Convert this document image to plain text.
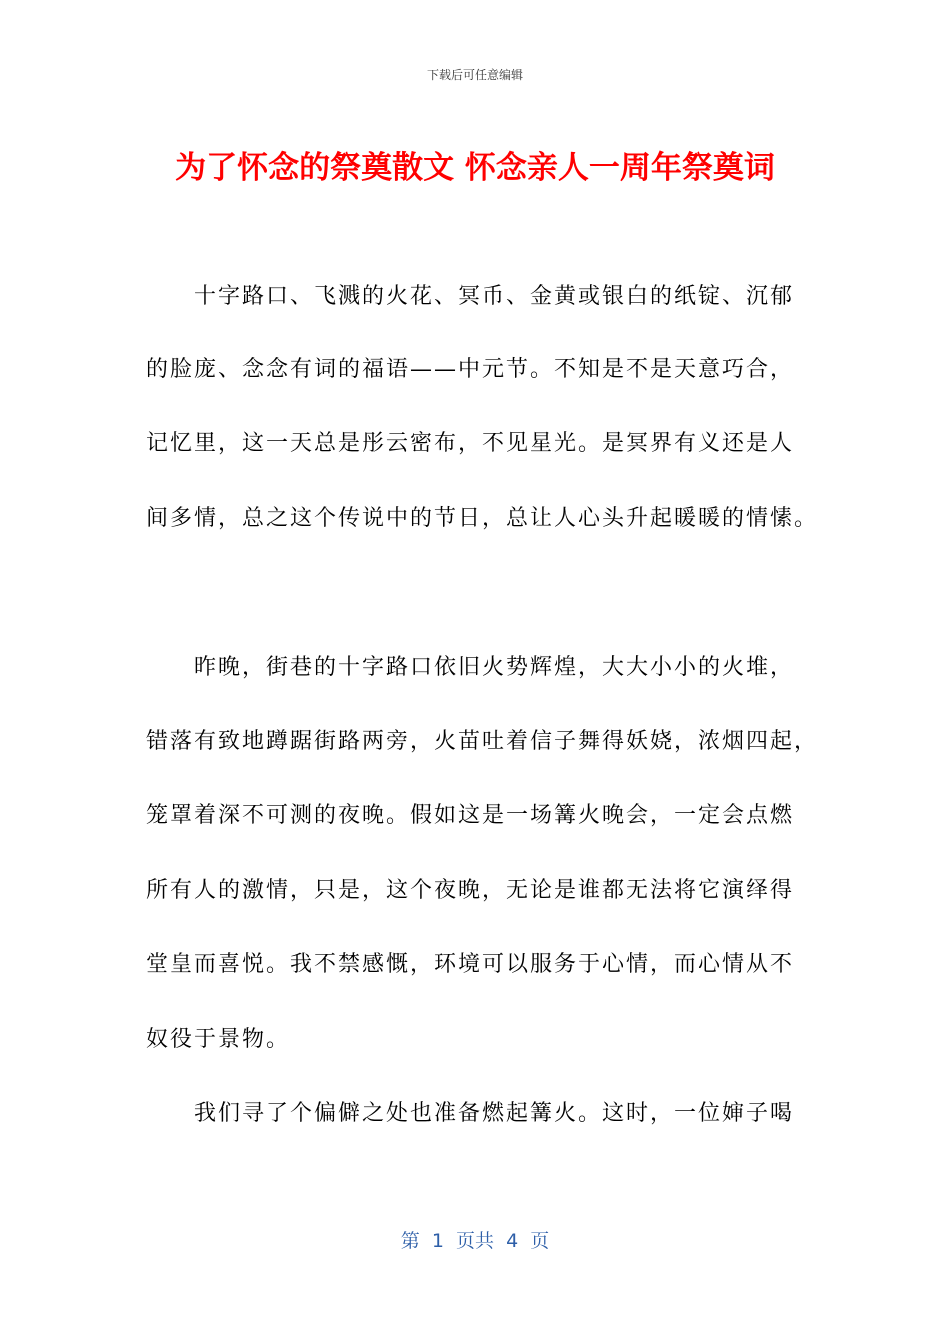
下载后可任意编辑
为了怀念的祭奠散文 怀念亲人一周年祭奠词
十字路口、飞溅的火花、冥币、金黄或银白的纸锭、沉郁
的脸庞、念念有词的福语——中元节。不知是不是天意巧合，
记忆里，这一天总是彤云密布，不见星光。是冥界有义还是人
间多情，总之这个传说中的节日，总让人心头升起暖暖的情愫。
昨晚，街巷的十字路口依旧火势辉煌，大大小小的火堆，
错落有致地蹲踞街路两旁，火苗吐着信子舞得妖娆，浓烟四起，
笼罩着深不可测的夜晚。假如这是一场篝火晚会，一定会点燃
所有人的激情，只是，这个夜晚，无论是谁都无法将它演绎得
堂皇而喜悦。我不禁感慨，环境可以服务于心情，而心情从不
奴役于景物。
我们寻了个偏僻之处也准备燃起篝火。这时，一位婶子喝
第  1  页共  4  页
